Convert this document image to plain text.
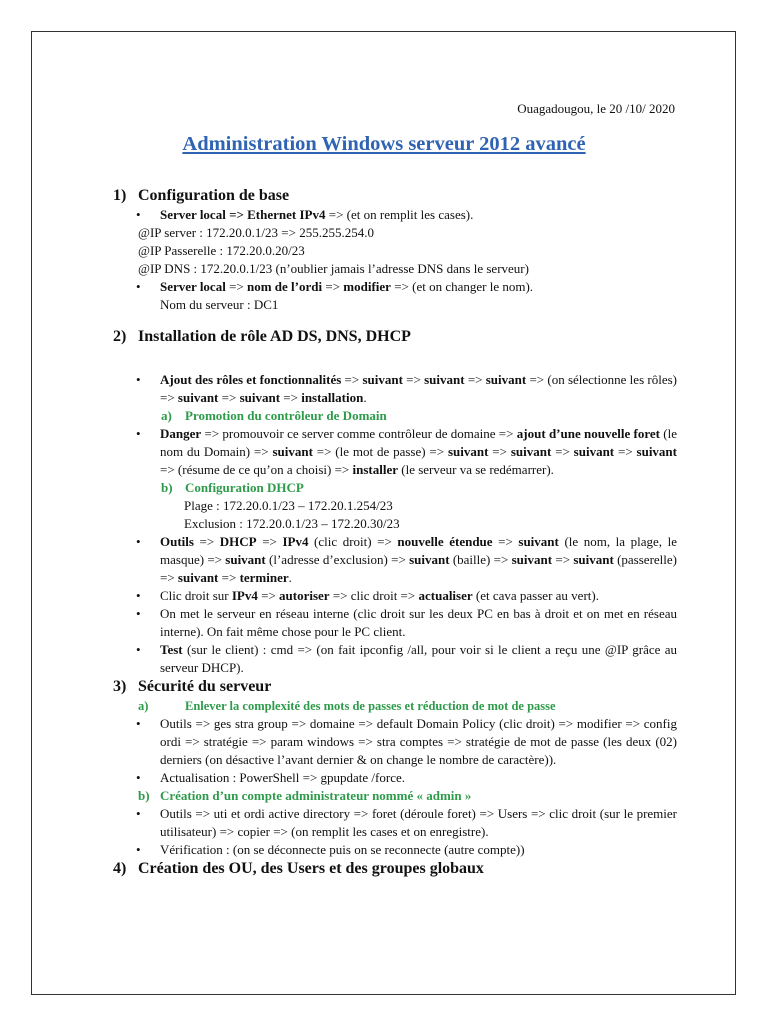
Ouagadougou, le 20 /10/ 2020
Administration Windows serveur 2012 avancé
1) Configuration de base
• Server local => Ethernet IPv4 => (et on remplit les cases).
@IP server : 172.20.0.1/23 => 255.255.254.0
@IP Passerelle : 172.20.0.20/23
@IP DNS : 172.20.0.1/23 (n’oublier jamais l’adresse DNS dans le serveur)
• Server local => nom de l’ordi => modifier => (et on changer le nom).
Nom du serveur : DC1
2) Installation de rôle AD DS, DNS, DHCP
• Ajout des rôles et fonctionnalités => suivant => suivant => suivant => (on sélectionne les rôles) => suivant => suivant => installation.
a) Promotion du contrôleur de Domain
• Danger => promouvoir ce server comme contrôleur de domaine => ajout d’une nouvelle foret (le nom du Domain) => suivant => (le mot de passe) => suivant => suivant => suivant => suivant => (résume de ce qu’on a choisi) => installer (le serveur va se redémarrer).
b) Configuration DHCP
Plage : 172.20.0.1/23 – 172.20.1.254/23
Exclusion : 172.20.0.1/23 – 172.20.30/23
• Outils => DHCP => IPv4 (clic droit) => nouvelle étendue => suivant (le nom, la plage, le masque) => suivant (l’adresse d’exclusion) => suivant (baille) => suivant => suivant (passerelle) => suivant => terminer.
• Clic droit sur IPv4 => autoriser => clic droit => actualiser (et cava passer au vert).
• On met le serveur en réseau interne (clic droit sur les deux PC en bas à droit et on met en réseau interne). On fait même chose pour le PC client.
• Test (sur le client) : cmd => (on fait ipconfig /all, pour voir si le client a reçu une @IP grâce au serveur DHCP).
3) Sécurité du serveur
a)	Enlever la complexité des mots de passes et réduction de mot de passe
• Outils => ges stra group => domaine => default Domain Policy (clic droit) => modifier => config ordi => stratégie => param windows => stra comptes => stratégie de mot de passe (les deux (02) derniers (on désactive l’avant dernier & on change le nombre de caractère)).
• Actualisation : PowerShell => gpupdate /force.
b) Création d’un compte administrateur nommé « admin »
• Outils => uti et ordi active directory => foret (déroule foret) => Users => clic droit (sur le premier utilisateur) => copier => (on remplit les cases et on enregistre).
• Vérification : (on se déconnecte puis on se reconnecte (autre compte))
4) Création des OU, des Users et des groupes globaux
